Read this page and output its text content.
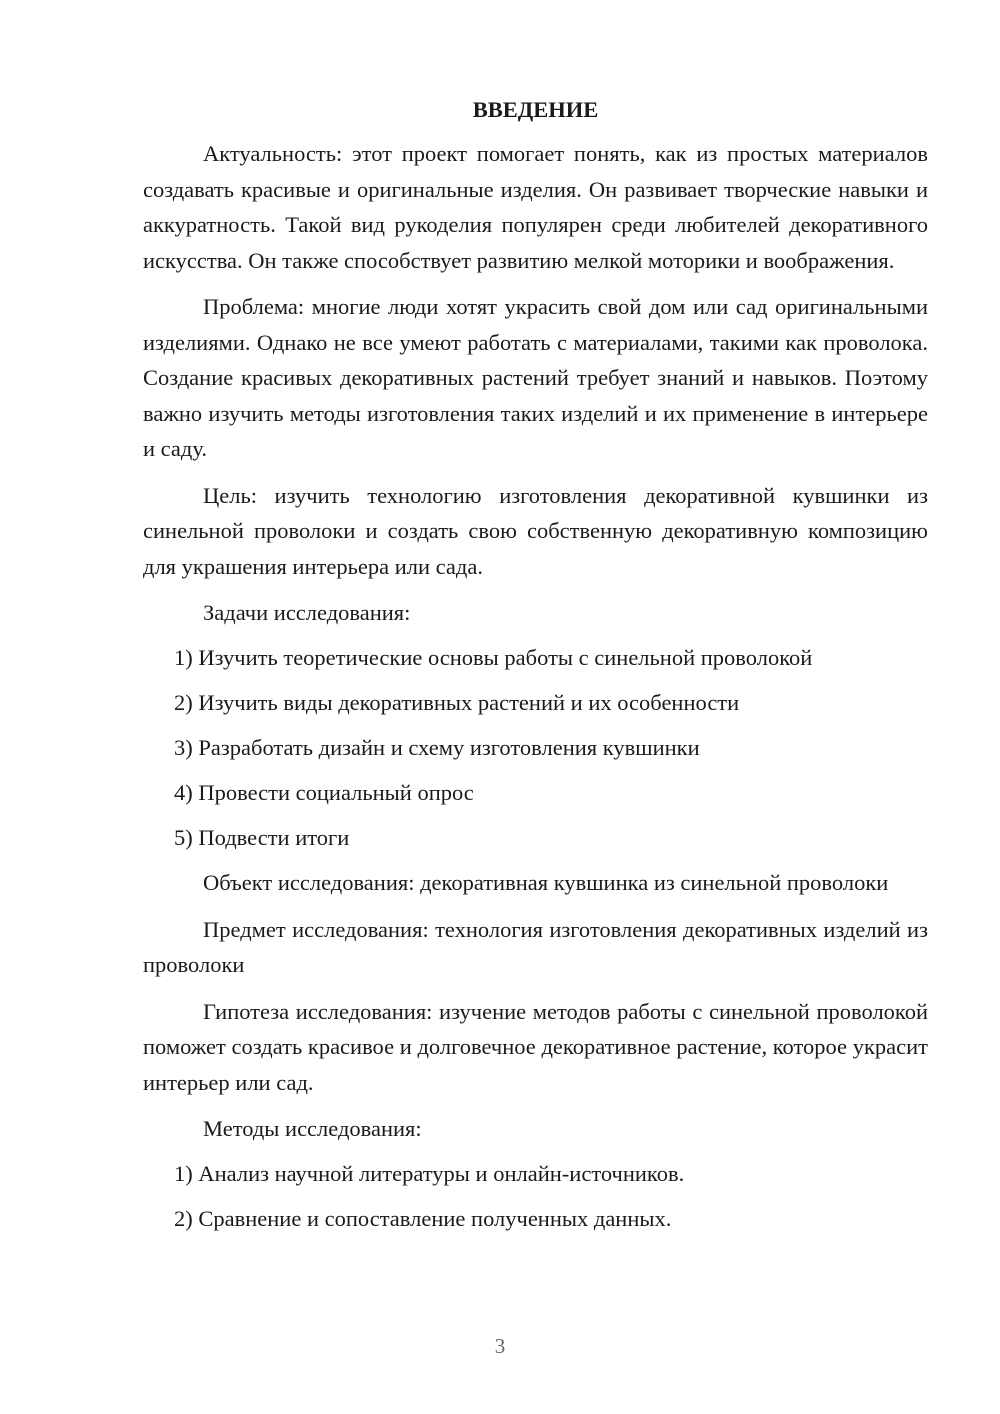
ВВЕДЕНИЕ

Актуальность: этот проект помогает понять, как из простых материалов создавать красивые и оригинальные изделия. Он развивает творческие навыки и аккуратность. Такой вид рукоделия популярен среди любителей декоративного искусства. Он также способствует развитию мелкой моторики и воображения.

Проблема: многие люди хотят украсить свой дом или сад оригинальными изделиями. Однако не все умеют работать с материалами, такими как проволока. Создание красивых декоративных растений требует знаний и навыков. Поэтому важно изучить методы изготовления таких изделий и их применение в интерьере и саду.

Цель: изучить технологию изготовления декоративной кувшинки из синельной проволоки и создать свою собственную декоративную композицию для украшения интерьера или сада.

Задачи исследования:

1) Изучить теоретические основы работы с синельной проволокой
2) Изучить виды декоративных растений и их особенности
3) Разработать дизайн и схему изготовления кувшинки
4) Провести социальный опрос
5) Подвести итоги

Объект исследования: декоративная кувшинка из синельной проволоки

Предмет исследования: технология изготовления декоративных изделий из проволоки

Гипотеза исследования: изучение методов работы с синельной проволокой поможет создать красивое и долговечное декоративное растение, которое украсит интерьер или сад.

Методы исследования:

1) Анализ научной литературы и онлайн-источников.
2) Сравнение и сопоставление полученных данных.
3
